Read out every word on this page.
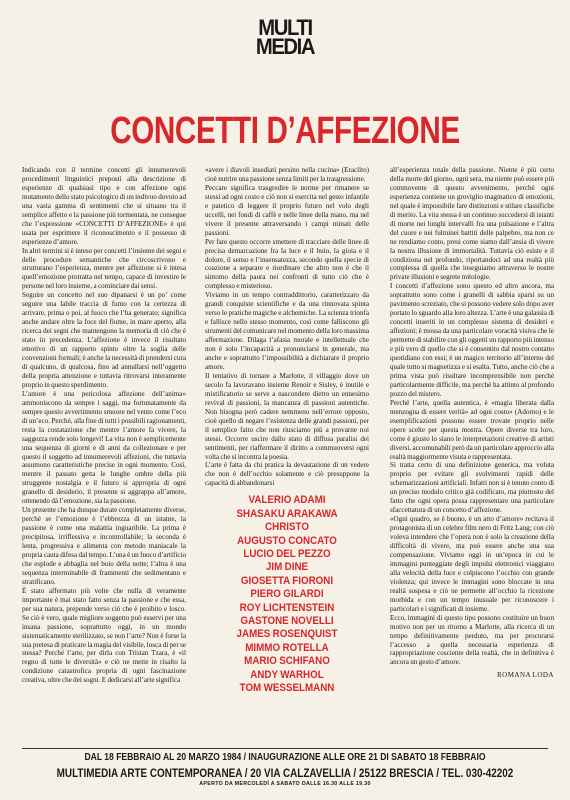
MULTI
MEDIA
CONCETTI D’AFFEZIONE

Indicando con il termine concetti gli innumerevoli procedimenti linguistici preposti alla descrizione di esperienze di qualsiasi tipo e con affezione ogni mutamento dello stato psicologico di un indivuo dovuto ad una vasta gamma di sentimenti che si situano tra il semplice affetto e la passione più tormentata, ne consegue che l’espressione «CONCETTI D’AFFEZIONE» è qui usata per esprimere il riconoscimento e il possesso di esperienze d’amore.

In altri termini si è inteso per concetti l’insieme dei segni e delle procedure semantiche che circoscrivono e strutturano l’esperienza, mentre per affezione si è intesa quell’emozione protratta nel tempo, capace di investire le persone nel loro insieme, a cominciare dai sensi.

Seguire un concetto nel suo dipanarsi è un po’ come seguire una labile traccia di fumo con la certezza di arrivare, prima o poi, al fuoco che l’ha generato; significa anche andare oltre la foce del fiume, in mare aperto, alla ricerca dei segni che mantengono la memoria di ciò che è stato in precedenza. L’affezione è invece il risultato emotivo di un rapporto spinto oltre la soglia delle convenzioni formali; è anche la necessità di prendersi cura di qualcuno, di qualcosa, fino ad annullarsi nell’oggetto della propria attenzione e tuttavia ritrovarsi interamente proprio in questo sperdimento.

L’amore è una pericolosa affezione dell’anima» ammoniscono da sempre i saggi, ma fortunatamente da sempre questo avvertimento smuore nel vento come l’eco di un’eco. Perché, alla fine di tutti i possibili ragionamenti, resta la costatazione che mentre l’amore fa vivere, la saggezza rende solo longevi! La vita non è semplicemente una sequenza di giorni e di anni da collezionare e per questo il soggetto ad innumerevoli affezioni, che tuttavia assumono caratteristiche precise in ogni momento. Così, mentre il passato getta le lunghe ombre della più struggente nostalgia e il futuro si appropria di ogni granello di desiderio, il presente si aggrappa all’amore, ottenendo dà l’emozione, sia la passione.

Un presente che ha dunque durate completamente diverse, perché se l’emozione è l’ebbrezza di un istante, la passione è come una malattia inguaribile. La prima è precipitosa, irriflessiva e incontrollabile; la seconda è lenta, progressiva e alimenta con metodo maniacale la propria cauta difesa dal tempo. L’una è un fuoco d’artificio che esplode e abbaglia nel buio della notte; l’altra è una sequenza interminabile di frammenti che sedimentano e stratificano.

È stato affermato più volte che nulla di veramente importante è mai stato fatto senza la passione e che essa, per sua natura, prepende verso ciò che è proibito e losco. Se ciò è vero, quale migliore soggetto può esservi per una insana passione, soprattutto oggi, in un mondo sistematicamente sterilizzato, se non l’arte? Non è forse la sua pretesa di praticare la magia del visibile, losca di per se stessa? Perché l’arte, per dirla con Tristan Tzara, è «il regno di tutte le diversità» e ciò ne mette in risalto la condizione catastrofica propria di ogni fascinazione creativa, oltre che dei sogni. E dedicarsi all’arte significa

«avere i diavoli insediati persino nella cucina» (Eraclito) cioè nutrire una passione senza limiti per la trasgressione.

Peccare significa trasgredire le norme per rimanere se stessi ad ogni costo e ciò non si esercita nel gesto infantile e patetico di leggere il proprio futuro nel volo degli uccelli, nei fondi di caffè e nelle linee della mano, ma nel vivere il presente attraversando i campi minati delle passioni.

Per fare questo occorre smettere di tracciare delle linee di precisa demarcazione fra la luce e il buio, la gioia e il dolore, il senso e l’insensatezza, secondo quella specie di coazione a separare e riordinare che altro non è che il sintomo della paura nei confronti di tutto ciò che è complesso e misterioso.

Viviamo in un tempo contraddittorio, caratterizzato da grandi conquiste scientifiche e da una rinnovata spinta verso le pratiche magiche e alchemiche. La scienza trionfa e fallisce nello stesso momento, così come falliscono gli strumenti del comunicare nel momento della loro massima affermazione. Dilaga l’afasia morale e intellettuale che non è solo l’incapacità a pronunciarsi in generale, ma anche e soprattutto l’impossibilità a dichiarare il proprio amore.

Il tentativo di tornare a Marlotte, il villaggio dove un secolo fa lavoravano insieme Renoir e Sisley, è inutile e mistificatorio se serve a nascondere dietro un ennesimo revival di passioni, la mancanza di passioni autentiche. Non bisogna però cadere nemmeno nell’errore opposto, cioè quello di negare l’esistenza delle grandi passioni, per il semplice fatto che non riusciamo più a provarne noi stessi. Occorre uscire dallo stato di diffusa paralisi dei sentimenti, per riaffermare il diritto a commuoversi ogni volta che si incontra la poesia.

L’arte è fatta da chi pratica la devastazione di un vedere che non è dell’occhio solamente e ciò presuppone la capacità di abbandonarsi

VALERIO ADAMI
SHASAKU ARAKAWA
CHRISTO
AUGUSTO CONCATO
LUCIO DEL PEZZO
JIM DINE
GIOSETTA FIORONI
PIERO GILARDI
ROY LICHTENSTEIN
GASTONE NOVELLI
JAMES ROSENQUIST
MIMMO ROTELLA
MARIO SCHIFANO
ANDY WARHOL
TOM WESSELMANN

all’esperienza totale della passione. Niente è più certo della morte del giorno, ogni sera, ma niente può essere più commovente di questo avvenimento, perché ogni esperienza contiene un groviglio magmatico di emozioni, nel quale è impossibile fare distinzioni e stilare classifiche di merito. La vita stessa è un continuo succedersi di istanti di morte nei lunghi intervalli fra una pulsazione e l’altra del cuore e nei fulminei battiti delle palpebre, ma non ce ne rendiamo conto, presi come siamo dall’ansia di vivere la nostra illusione di immortalità. Tuttavia ciò esiste e il condiziona nel profondo, riportandoci ad una realtà più complessa di quella che inseguiamo attraverso le nostre private illusioni e segrete mitologie.

I concetti d’affezione sono questo ed altro ancora, ma soprattutto sono come i granelli di sabbia sparsi su un pavimento screziato, che si possono vedere solo dopo aver portato lo sguardo alla loro altezza. L’arte è una galassia di concetti inseriti in un complesso sistema di desideri e affezioni; è mossa da una particolare voracità visiva che le permette di stabilire con gli oggetti un rapporto più intenso e più vero di quello che si è consentito dal nostro contatto quotidiano con essi; è un magico territorio all’interno del quale tutto si magnetizza e si esalta. Tutto, anche ciò che a prima vista può risultare incomprensibile non perché particolarmente difficile, ma perché ha attinto al profondo pozzo del mistero.

Perché l’arte, quella autentica, è «magia liberata dalla menzogna di essere verità» ad ogni costo» (Adorno) e le esemplificazioni possono essere trovate proprio nelle opere scelte per questa mostra. Opere diverse tra loro, come è giusto lo siano le interpretazioni creative di artisti diversi, accomunabili però da un particolare approccio alla realtà maggiormente visuta e rappresentata.

Si tratta certo di una definizione generica, ma voluta proprio per evitare gli svolvimenti rapidi delle schematizzazioni artificiali. Infatti non si è tenuto conto di un preciso modulo critico già codificato, ma piuttosto del fatto che ogni opera possa rappresentare una particolare sfaccettatura di un concetto d’affezione.

«Ogni quadro, se è buono, è un atto d’amore» recitava il protagonista di un celebre film nero di Fritz Lang; con ciò voleva intendere che l’opera non è solo la creazione della difficoltà di vivere, ma può essere anche una sua compensazione. Viviamo oggi in un’epoca in cui le immagini punteggiate degli impulsi elettronici viaggiano alla velocità della luce e colpiscono l’occhio con grande violenza; qui invece le immagini sono bloccate in una realtà sospesa e ciò ne permette all’occhio la ricezione morbida e con un tempo inusuale per riconoscere i particolari e i significati di insieme.

Ecco, immagini di questo tipo possono costituire un buon motivo non per un ritorno a Marlotte, alla ricerca di un tempo definitivamente perduto, ma per procurarsi l’accesso a quella necessaria esperienza di rappropriazione cosciente della realtà, che in definitiva è ancora un gesto d’amore.

ROMANA LODA
DAL 18 FEBBRAIO AL 20 MARZO 1984 / INAUGURAZIONE ALLE ORE 21 DI SABATO 18 FEBBRAIO
MULTIMEDIA ARTE CONTEMPORANEA / 20 VIA CALZAVELLIA / 25122 BRESCIA / TEL. 030-42202
APERTO DA MERCOLEDÌ A SABATO DALLE 16.30 ALLE 19.30
